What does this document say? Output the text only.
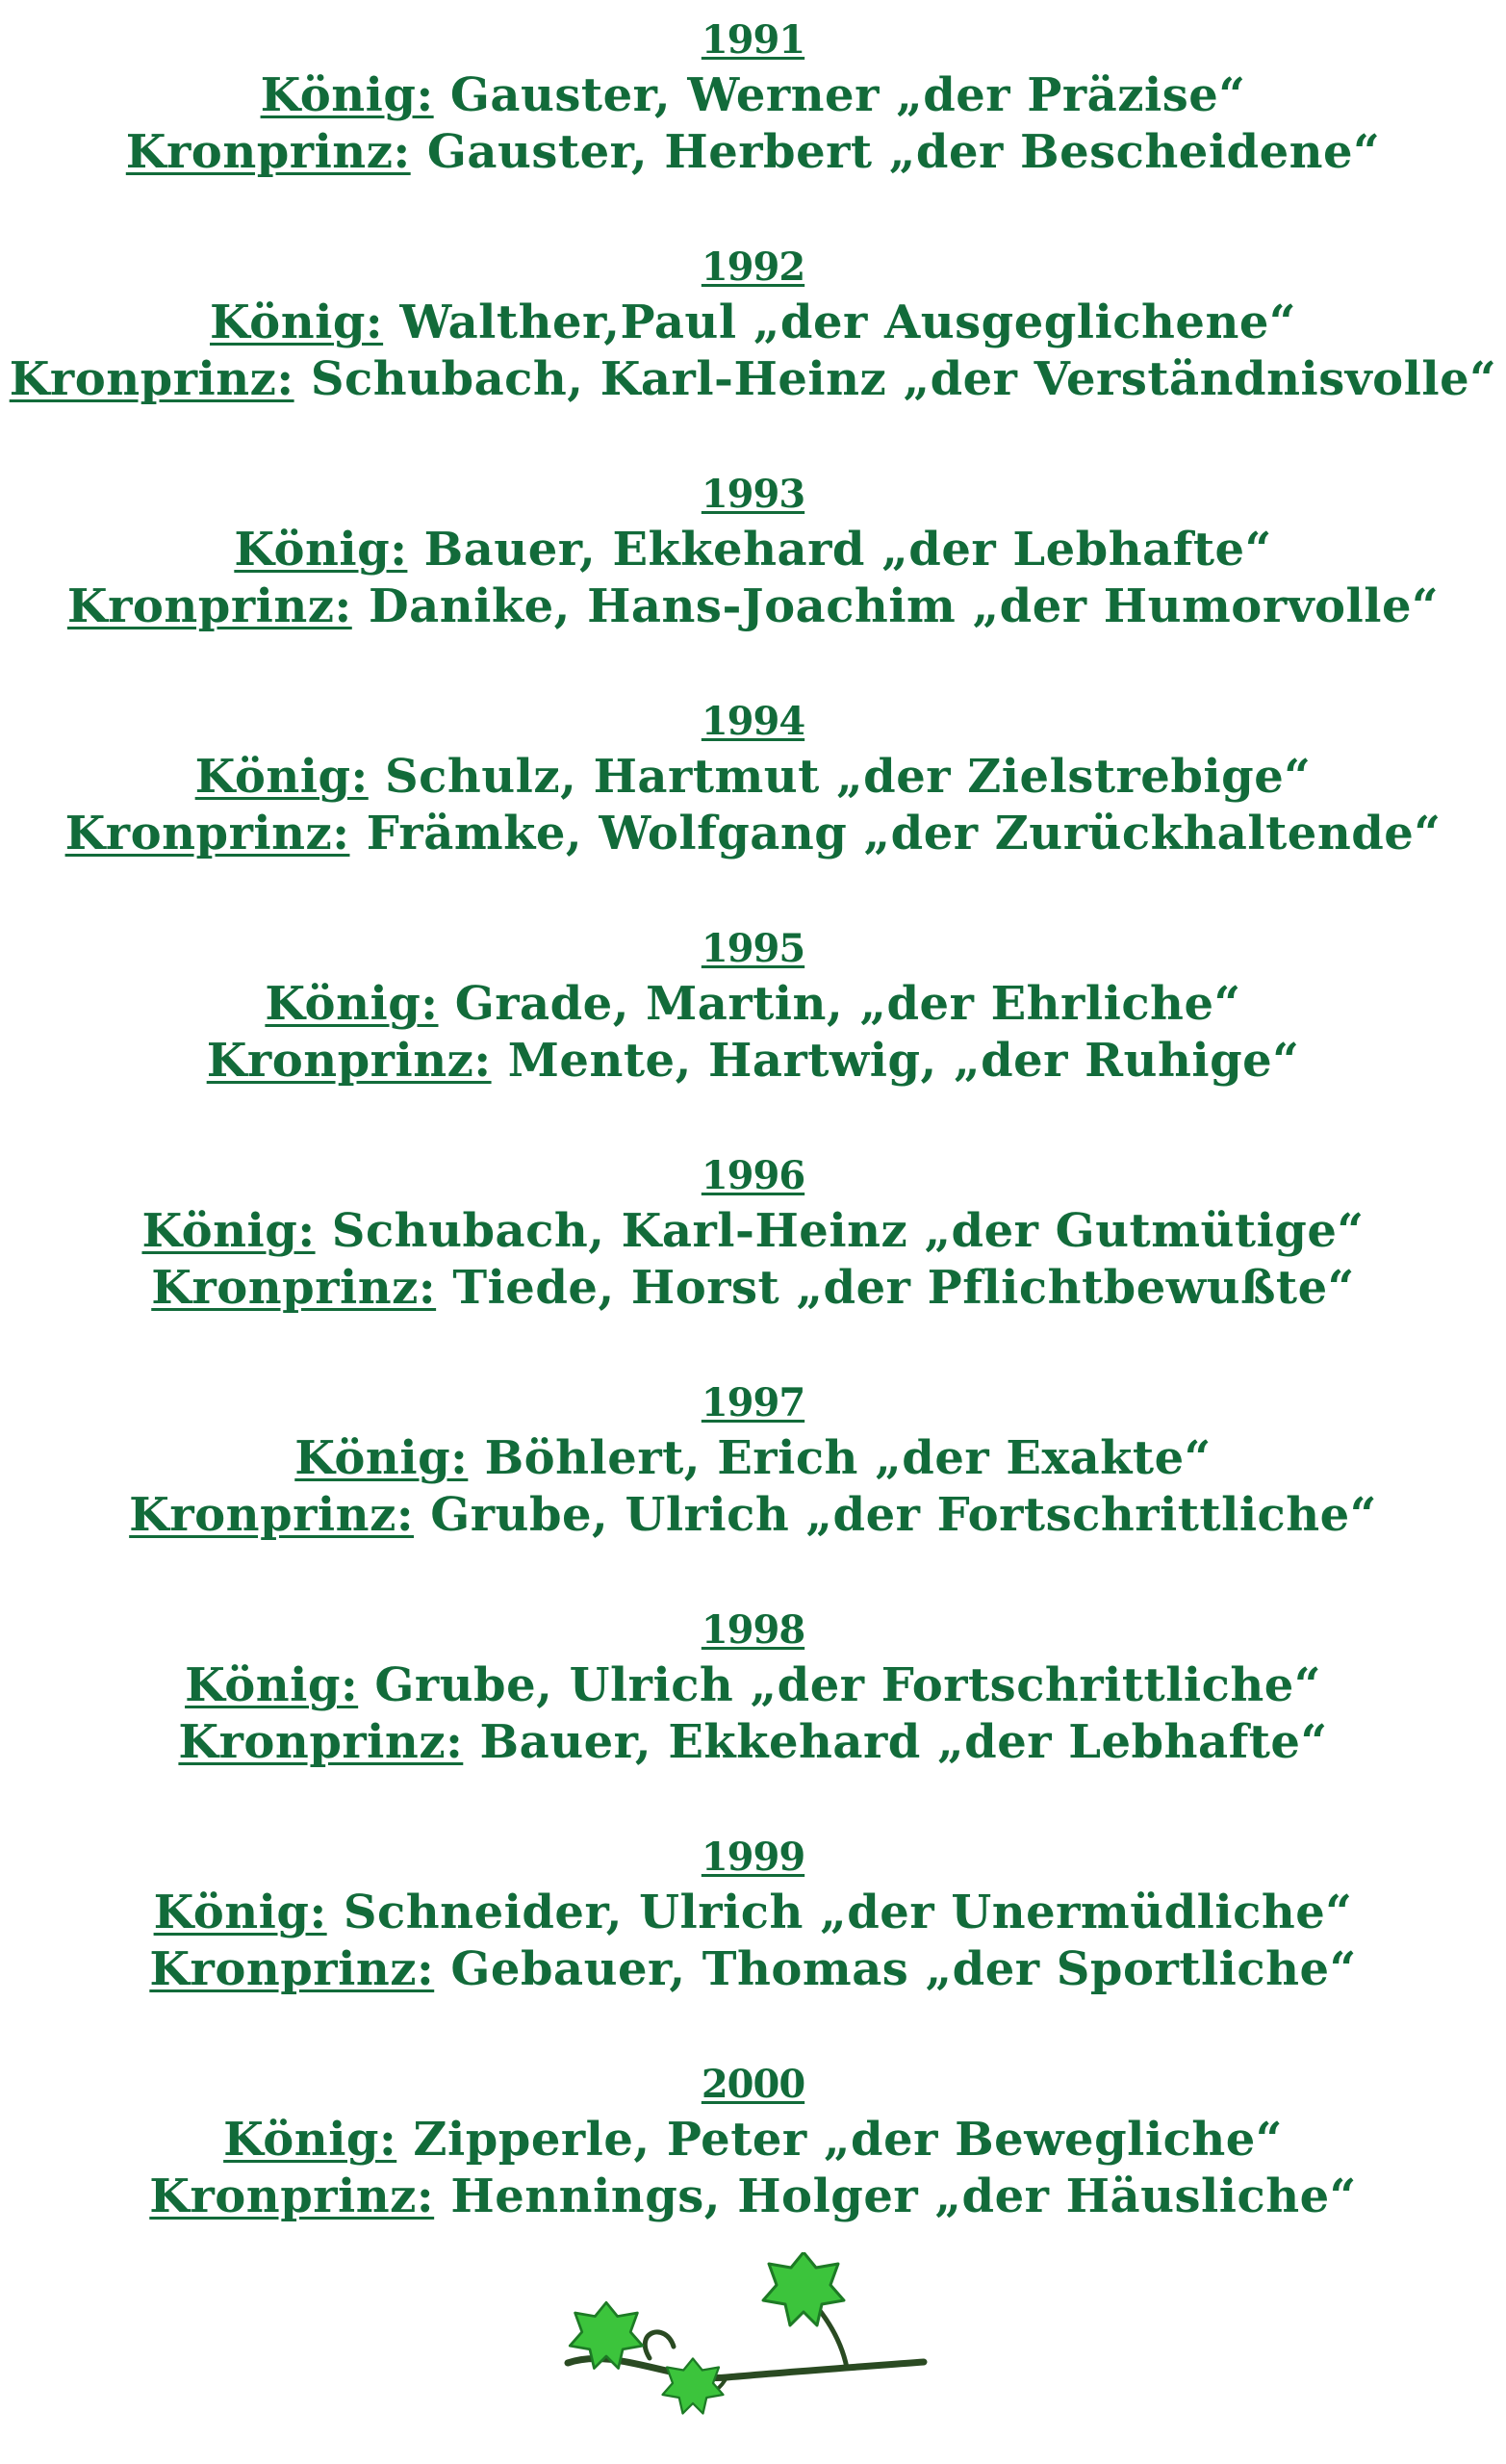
1991
König: Gauster, Werner „der Präzise“
Kronprinz: Gauster, Herbert „der Bescheidene“
1992
König: Walther,Paul „der Ausgeglichene“
Kronprinz: Schubach, Karl-Heinz „der Verständnisvolle“
1993
König: Bauer, Ekkehard „der Lebhafte“
Kronprinz: Danike, Hans-Joachim „der Humorvolle“
1994
König: Schulz, Hartmut „der Zielstrebige“
Kronprinz: Främke, Wolfgang „der Zurückhaltende“
1995
König: Grade, Martin, „der Ehrliche“
Kronprinz: Mente, Hartwig, „der Ruhige“
1996
König: Schubach, Karl-Heinz „der Gutmütige“
Kronprinz: Tiede, Horst „der Pflichtbewußte“
1997
König: Böhlert, Erich „der Exakte“
Kronprinz: Grube, Ulrich „der Fortschrittliche“
1998
König: Grube, Ulrich „der Fortschrittliche“
Kronprinz: Bauer, Ekkehard „der Lebhafte“
1999
König: Schneider, Ulrich „der Unermüdliche“
Kronprinz: Gebauer, Thomas „der Sportliche“
2000
König: Zipperle, Peter „der Bewegliche“
Kronprinz: Hennings, Holger „der Häusliche“
